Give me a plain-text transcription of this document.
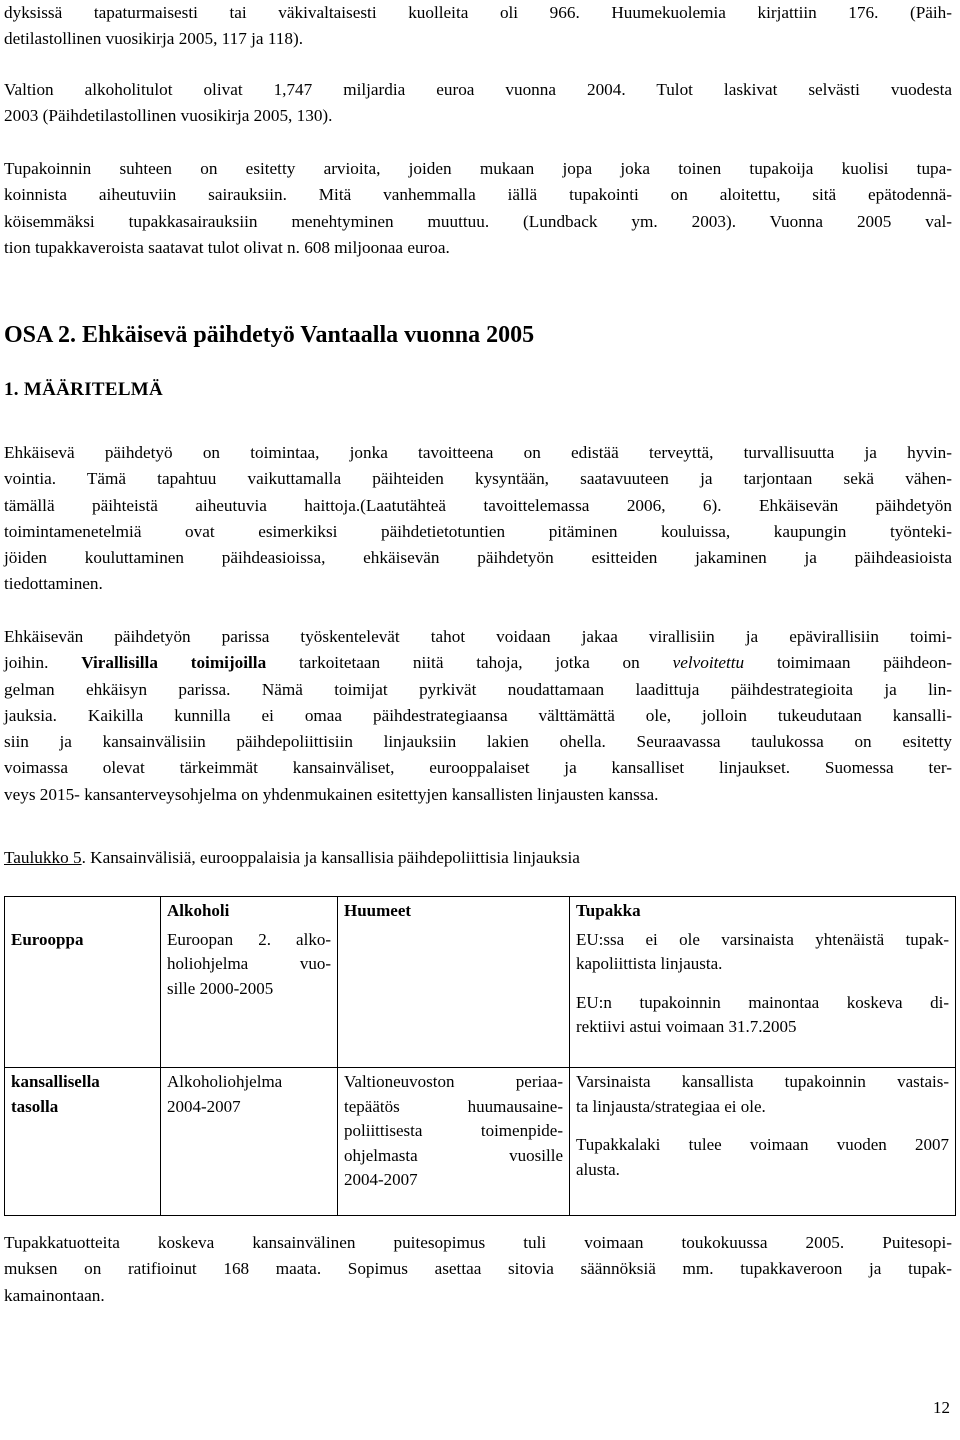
dyksissä tapaturmaisesti tai väkivaltaisesti kuolleita oli 966. Huumekuolemia kirjattiin 176. (Päih-
detilastollinen vuosikirja 2005, 117 ja 118).
Valtion alkoholitulot olivat 1,747 miljardia euroa vuonna 2004. Tulot laskivat selvästi vuodesta
2003 (Päihdetilastollinen vuosikirja 2005, 130).
Tupakoinnin suhteen on esitetty arvioita, joiden mukaan jopa joka toinen tupakoija kuolisi tupa-
koinnista aiheutuviin sairauksiin. Mitä vanhemmalla iällä tupakointi on aloitettu, sitä epätodennä-
köisemmäksi tupakkasairauksiin menehtyminen muuttuu. (Lundback ym. 2003). Vuonna 2005 val-
tion tupakkaveroista saatavat tulot olivat n. 608 miljoonaa euroa.
OSA 2. Ehkäisevä päihdetyö Vantaalla vuonna 2005
1. MÄÄRITELMÄ
Ehkäisevä päihdetyö on toimintaa, jonka tavoitteena on edistää terveyttä, turvallisuutta ja hyvin-
vointia. Tämä tapahtuu vaikuttamalla päihteiden kysyntään, saatavuuteen ja tarjontaan sekä vähen-
tämällä päihteistä aiheutuvia haittoja.(Laatutähteä tavoittelemassa 2006, 6). Ehkäisevän päihdetyön
toimintamenetelmiä ovat esimerkiksi päihdetietotuntien pitäminen kouluissa, kaupungin työnteki-
jöiden kouluttaminen päihdeasioissa, ehkäisevän päihdetyön esitteiden jakaminen ja päihdeasioista
tiedottaminen.
Ehkäisevän päihdetyön parissa työskentelevät tahot voidaan jakaa virallisiin ja epävirallisiin toimi-
joihin. Virallisilla toimijoilla tarkoitetaan niitä tahoja, jotka on velvoitettu toimimaan päihdeon-
gelman ehkäisyn parissa. Nämä toimijat pyrkivät noudattamaan laadittuja päihdestrategioita ja lin-
jauksia. Kaikilla kunnilla ei omaa päihdestrategiaansa välttämättä ole, jolloin tukeudutaan kansalli-
siin ja kansainvälisiin päihdepoliittisiin linjauksiin lakien ohella. Seuraavassa taulukossa on esitetty
voimassa olevat tärkeimmät kansainväliset, eurooppalaiset ja kansalliset linjaukset. Suomessa ter-
veys 2015- kansanterveysohjelma on yhdenmukainen esitettyjen kansallisten linjausten kanssa.
Taulukko 5. Kansainvälisiä, eurooppalaisia ja kansallisia päihdepoliittisia linjauksia
	Alkoholi	Huumeet	Tupakka
Eurooppa	Euroopan 2. alko-
holiohjelma vuo-
sille 2000-2005		EU:ssa ei ole varsinaista yhtenäistä tupak-
kapoliittista linjausta.
EU:n tupakoinnin mainontaa koskeva di-
rektiivi astui voimaan 31.7.2005

kansallisella
tasolla	Alkoholiohjelma
2004-2007	Valtioneuvoston periaa-
tepäätös huumausaine-
poliittisesta toimenpide-
ohjelmasta vuosille
2004-2007	Varsinaista kansallista tupakoinnin vastais-
ta linjausta/strategiaa ei ole.
Tupakkalaki tulee voimaan vuoden 2007
alusta.
Tupakkatuotteita koskeva kansainvälinen puitesopimus tuli voimaan toukokuussa 2005. Puitesopi-
muksen on ratifioinut 168 maata. Sopimus asettaa sitovia säännöksiä mm. tupakkaveroon ja tupak-
kamainontaan.
12
